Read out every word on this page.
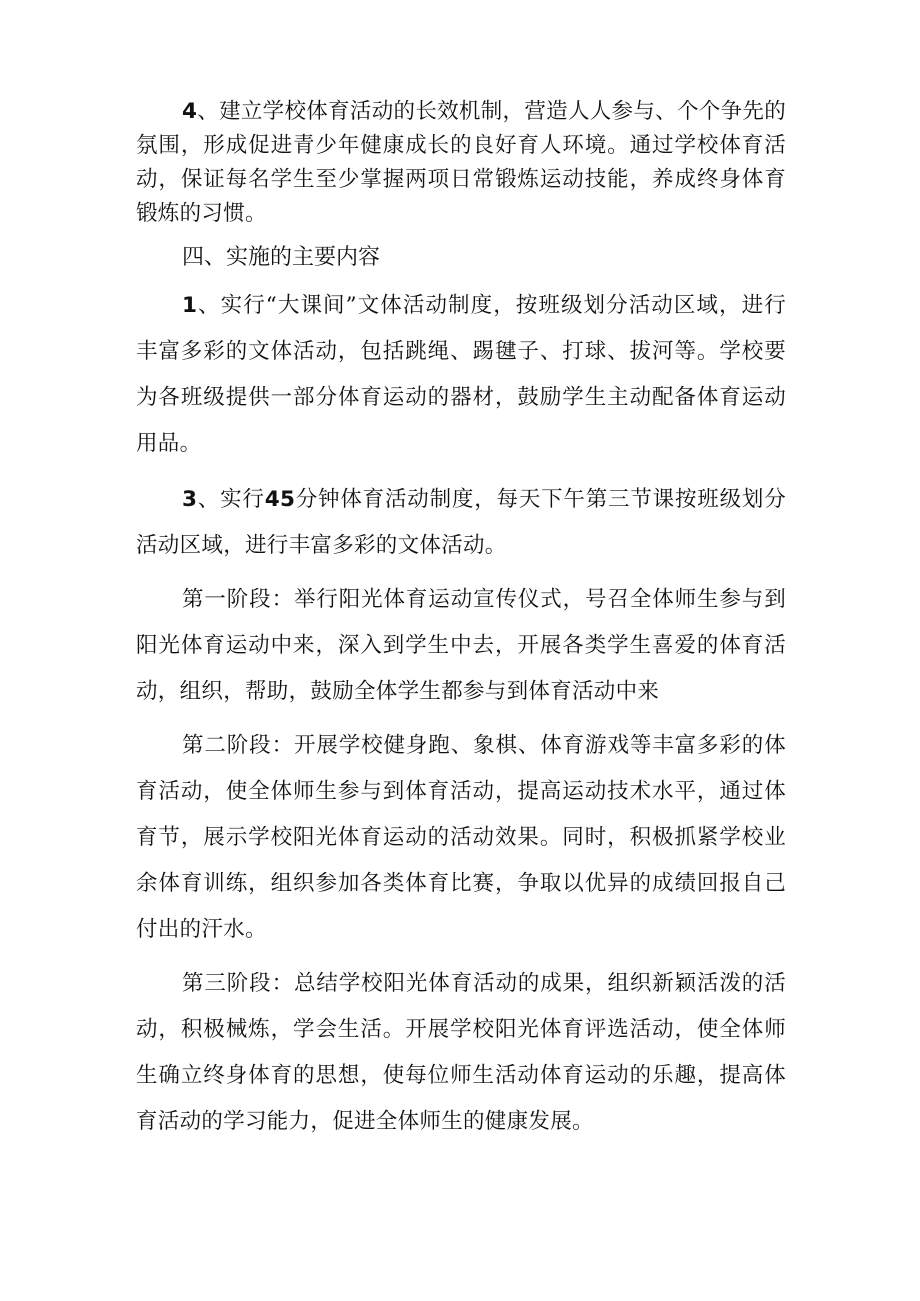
4、建立学校体育活动的长效机制，营造人人参与、个个争先的氛围，形成促进青少年健康成长的良好育人环境。通过学校体育活动，保证每名学生至少掌握两项日常锻炼运动技能，养成终身体育锻炼的习惯。

四、实施的主要内容

1、实行“大课间”文体活动制度，按班级划分活动区域，进行丰富多彩的文体活动，包括跳绳、踢毽子、打球、拔河等。学校要为各班级提供一部分体育运动的器材，鼓励学生主动配备体育运动用品。

3、实行45分钟体育活动制度，每天下午第三节课按班级划分活动区域，进行丰富多彩的文体活动。

第一阶段：举行阳光体育运动宣传仪式，号召全体师生参与到阳光体育运动中来，深入到学生中去，开展各类学生喜爱的体育活动，组织，帮助，鼓励全体学生都参与到体育活动中来

第二阶段：开展学校健身跑、象棋、体育游戏等丰富多彩的体育活动，使全体师生参与到体育活动，提高运动技术水平，通过体育节，展示学校阳光体育运动的活动效果。同时，积极抓紧学校业余体育训练，组织参加各类体育比赛，争取以优异的成绩回报自己付出的汗水。

第三阶段：总结学校阳光体育活动的成果，组织新颖活泼的活动，积极械炼，学会生活。开展学校阳光体育评选活动，使全体师生确立终身体育的思想，使每位师生活动体育运动的乐趣，提高体育活动的学习能力，促进全体师生的健康发展。
